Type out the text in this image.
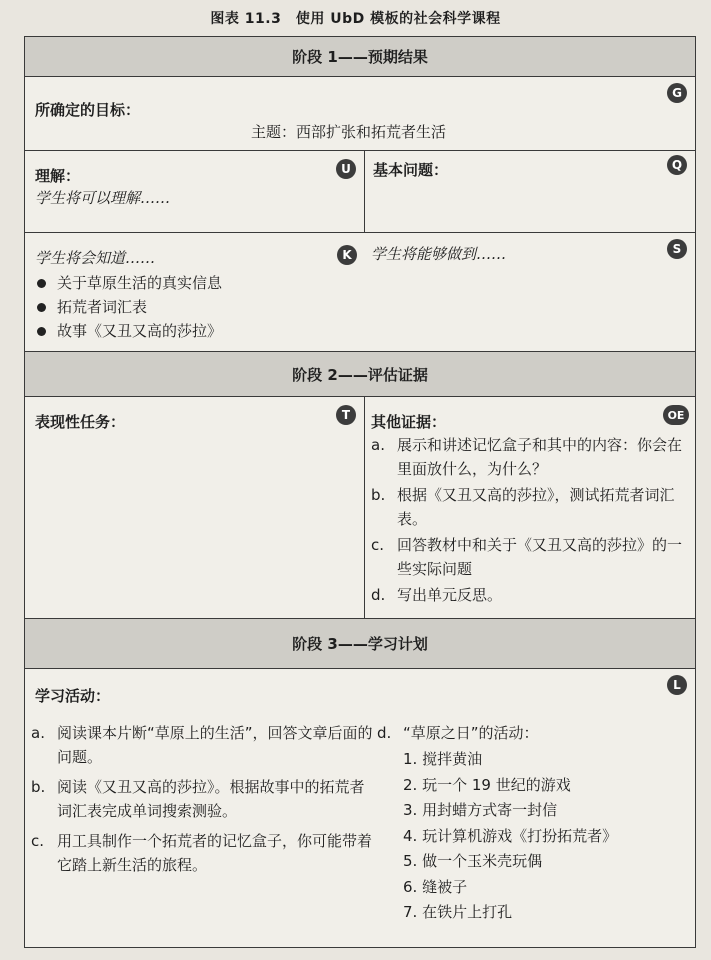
图表 11.3　使用 UbD 模板的社会科学课程
阶段 1——预期结果
所确定的目标：
G
主题：西部扩张和拓荒者生活
理解：	U
学生将可以理解……
基本问题：	Q
学生将会知道……	K
关于草原生活的真实信息
拓荒者词汇表
故事《又丑又高的莎拉》
学生将能够做到……	S
阶段 2——评估证据
表现性任务：	T	其他证据：	OE
a. 展示和讲述记忆盒子和其中的内容：你会在里面放什么，为什么？
b. 根据《又丑又高的莎拉》，测试拓荒者词汇表。
c. 回答教材中和关于《又丑又高的莎拉》的一些实际问题
d. 写出单元反思。
阶段 3——学习计划
学习活动：
L
a. 阅读课本片断“草原上的生活”，回答文章后面的问题。
b. 阅读《又丑又高的莎拉》。根据故事中的拓荒者词汇表完成单词搜索测验。
c. 用工具制作一个拓荒者的记忆盒子，你可能带着它踏上新生活的旅程。
d. “草原之日”的活动：
1. 搅拌黄油
2. 玩一个 19 世纪的游戏
3. 用封蜡方式寄一封信
4. 玩计算机游戏《打扮拓荒者》
5. 做一个玉米壳玩偶
6. 缝被子
7. 在铁片上打孔
